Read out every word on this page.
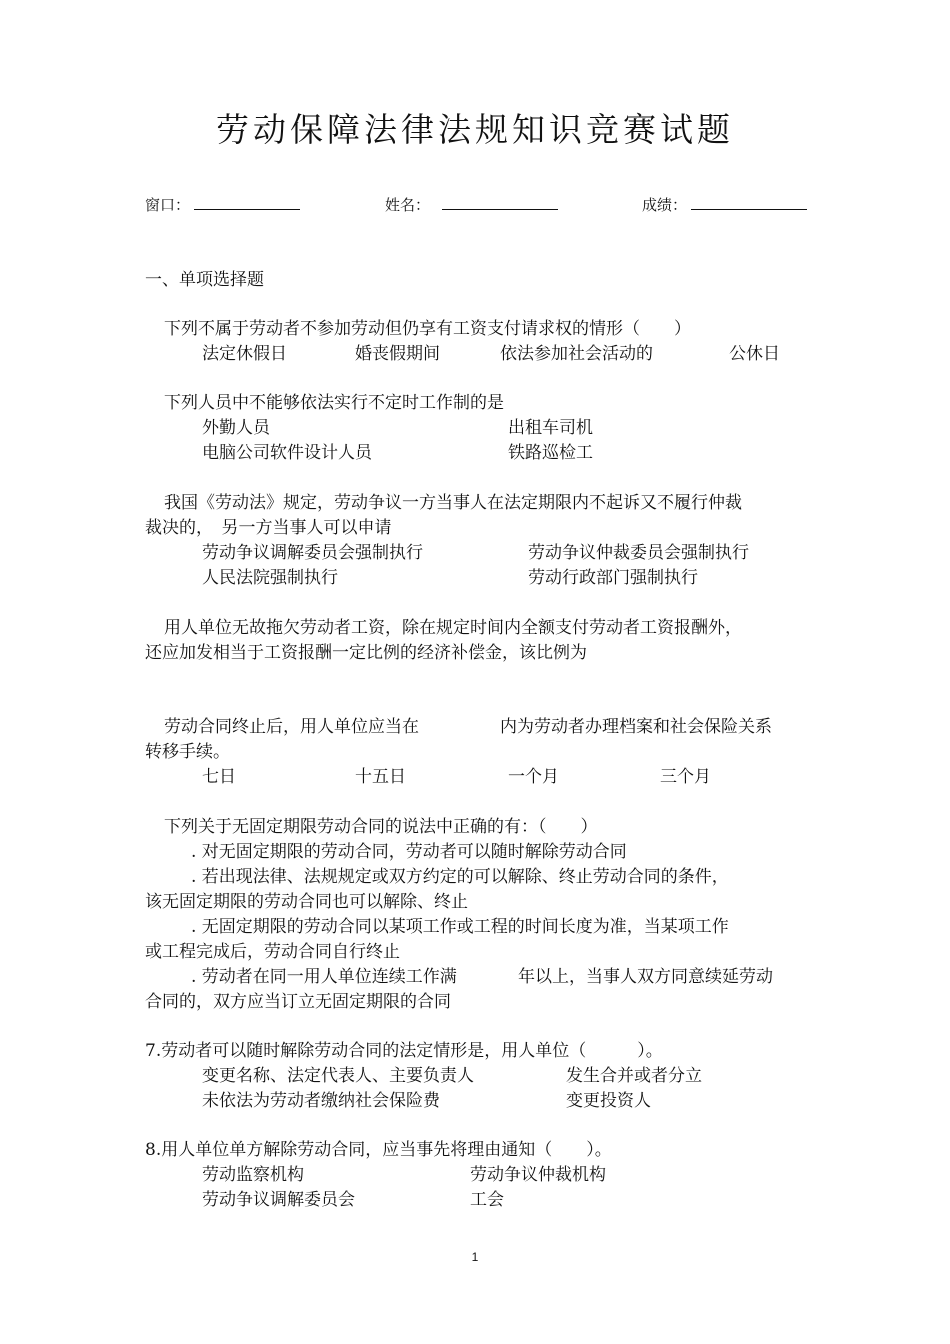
劳动保障法律法规知识竞赛试题
窗口：	姓名：	成绩：
一、单项选择题
下列不属于劳动者不参加劳动但仍享有工资支付请求权的情形（　　）
法定休假日	婚丧假期间	依法参加社会活动的	公休日
下列人员中不能够依法实行不定时工作制的是
外勤人员	出租车司机
电脑公司软件设计人员	铁路巡检工
我国《劳动法》规定，劳动争议一方当事人在法定期限内不起诉又不履行仲裁
裁决的，　另一方当事人可以申请
劳动争议调解委员会强制执行	劳动争议仲裁委员会强制执行
人民法院强制执行	劳动行政部门强制执行
用人单位无故拖欠劳动者工资，除在规定时间内全额支付劳动者工资报酬外，
还应加发相当于工资报酬一定比例的经济补偿金，该比例为
劳动合同终止后，用人单位应当在	内为劳动者办理档案和社会保险关系
转移手续。
七日	十五日	一个月	三个月
下列关于无固定期限劳动合同的说法中正确的有：（　　）
. 对无固定期限的劳动合同，劳动者可以随时解除劳动合同
. 若出现法律、法规规定或双方约定的可以解除、终止劳动合同的条件，
该无固定期限的劳动合同也可以解除、终止
. 无固定期限的劳动合同以某项工作或工程的时间长度为准，当某项工作
或工程完成后，劳动合同自行终止
. 劳动者在同一用人单位连续工作满	年以上，当事人双方同意续延劳动
合同的，双方应当订立无固定期限的合同
7.劳动者可以随时解除劳动合同的法定情形是，用人单位（　　　）。
变更名称、法定代表人、主要负责人	发生合并或者分立
未依法为劳动者缴纳社会保险费	变更投资人
8.用人单位单方解除劳动合同，应当事先将理由通知（　　）。
劳动监察机构	劳动争议仲裁机构
劳动争议调解委员会	工会
1
